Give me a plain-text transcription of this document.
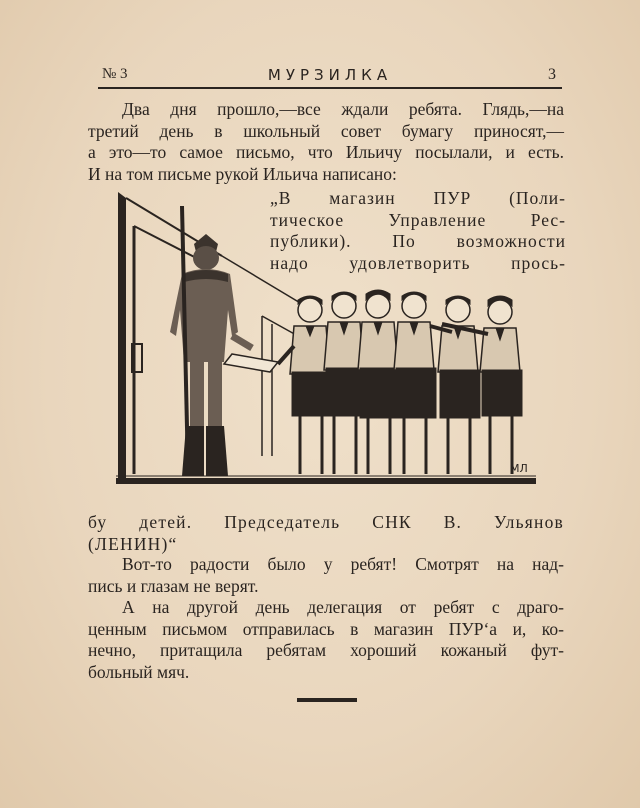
№ 3	МУРЗИЛКА	3
Два дня прошло,—все ждали ребята. Глядь,—на
третий день в школьный совет бумагу приносят,—
а это—то самое письмо, что Ильичу посылали, и есть.
И на том письме рукой Ильича написано:
МЛ
„В магазин ПУР (Поли-
тическое Управление Рес-
публики). По возможности
надо удовлетворить прось-
бу детей. Председатель СНК В. Ульянов
(ЛЕНИН)“
Вот-то радости было у ребят! Смотрят на над-
пись и глазам не верят.
А на другой день делегация от ребят с драго-
ценным письмом отправилась в магазин ПУР‘а и, ко-
нечно, притащила ребятам хороший кожаный фут-
больный мяч.
